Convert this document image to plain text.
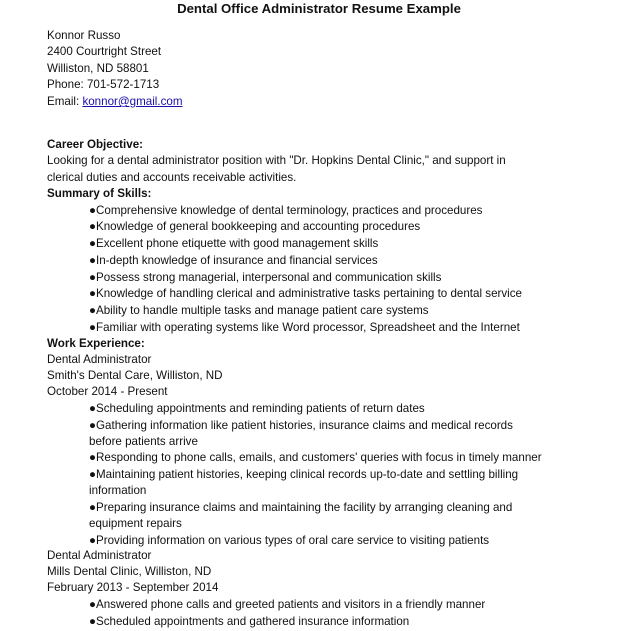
Dental Office Administrator Resume Example
Konnor Russo
2400 Courtright Street
Williston, ND 58801
Phone: 701-572-1713
Email: konnor@gmail.com
Career Objective:
Looking for a dental administrator position with "Dr. Hopkins Dental Clinic," and support in
clerical duties and accounts receivable activities.
Summary of Skills:
●Comprehensive knowledge of dental terminology, practices and procedures
●Knowledge of general bookkeeping and accounting procedures
●Excellent phone etiquette with good management skills
●In-depth knowledge of insurance and financial services
●Possess strong managerial, interpersonal and communication skills
●Knowledge of handling clerical and administrative tasks pertaining to dental service
●Ability to handle multiple tasks and manage patient care systems
●Familiar with operating systems like Word processor, Spreadsheet and the Internet
Work Experience:
Dental Administrator
Smith's Dental Care, Williston, ND
October 2014 - Present
●Scheduling appointments and reminding patients of return dates
●Gathering information like patient histories, insurance claims and medical records
before patients arrive
●Responding to phone calls, emails, and customers' queries with focus in timely manner
●Maintaining patient histories, keeping clinical records up-to-date and settling billing
information
●Preparing insurance claims and maintaining the facility by arranging cleaning and
equipment repairs
●Providing information on various types of oral care service to visiting patients
Dental Administrator
Mills Dental Clinic, Williston, ND
February 2013 - September 2014
●Answered phone calls and greeted patients and visitors in a friendly manner
●Scheduled appointments and gathered insurance information
